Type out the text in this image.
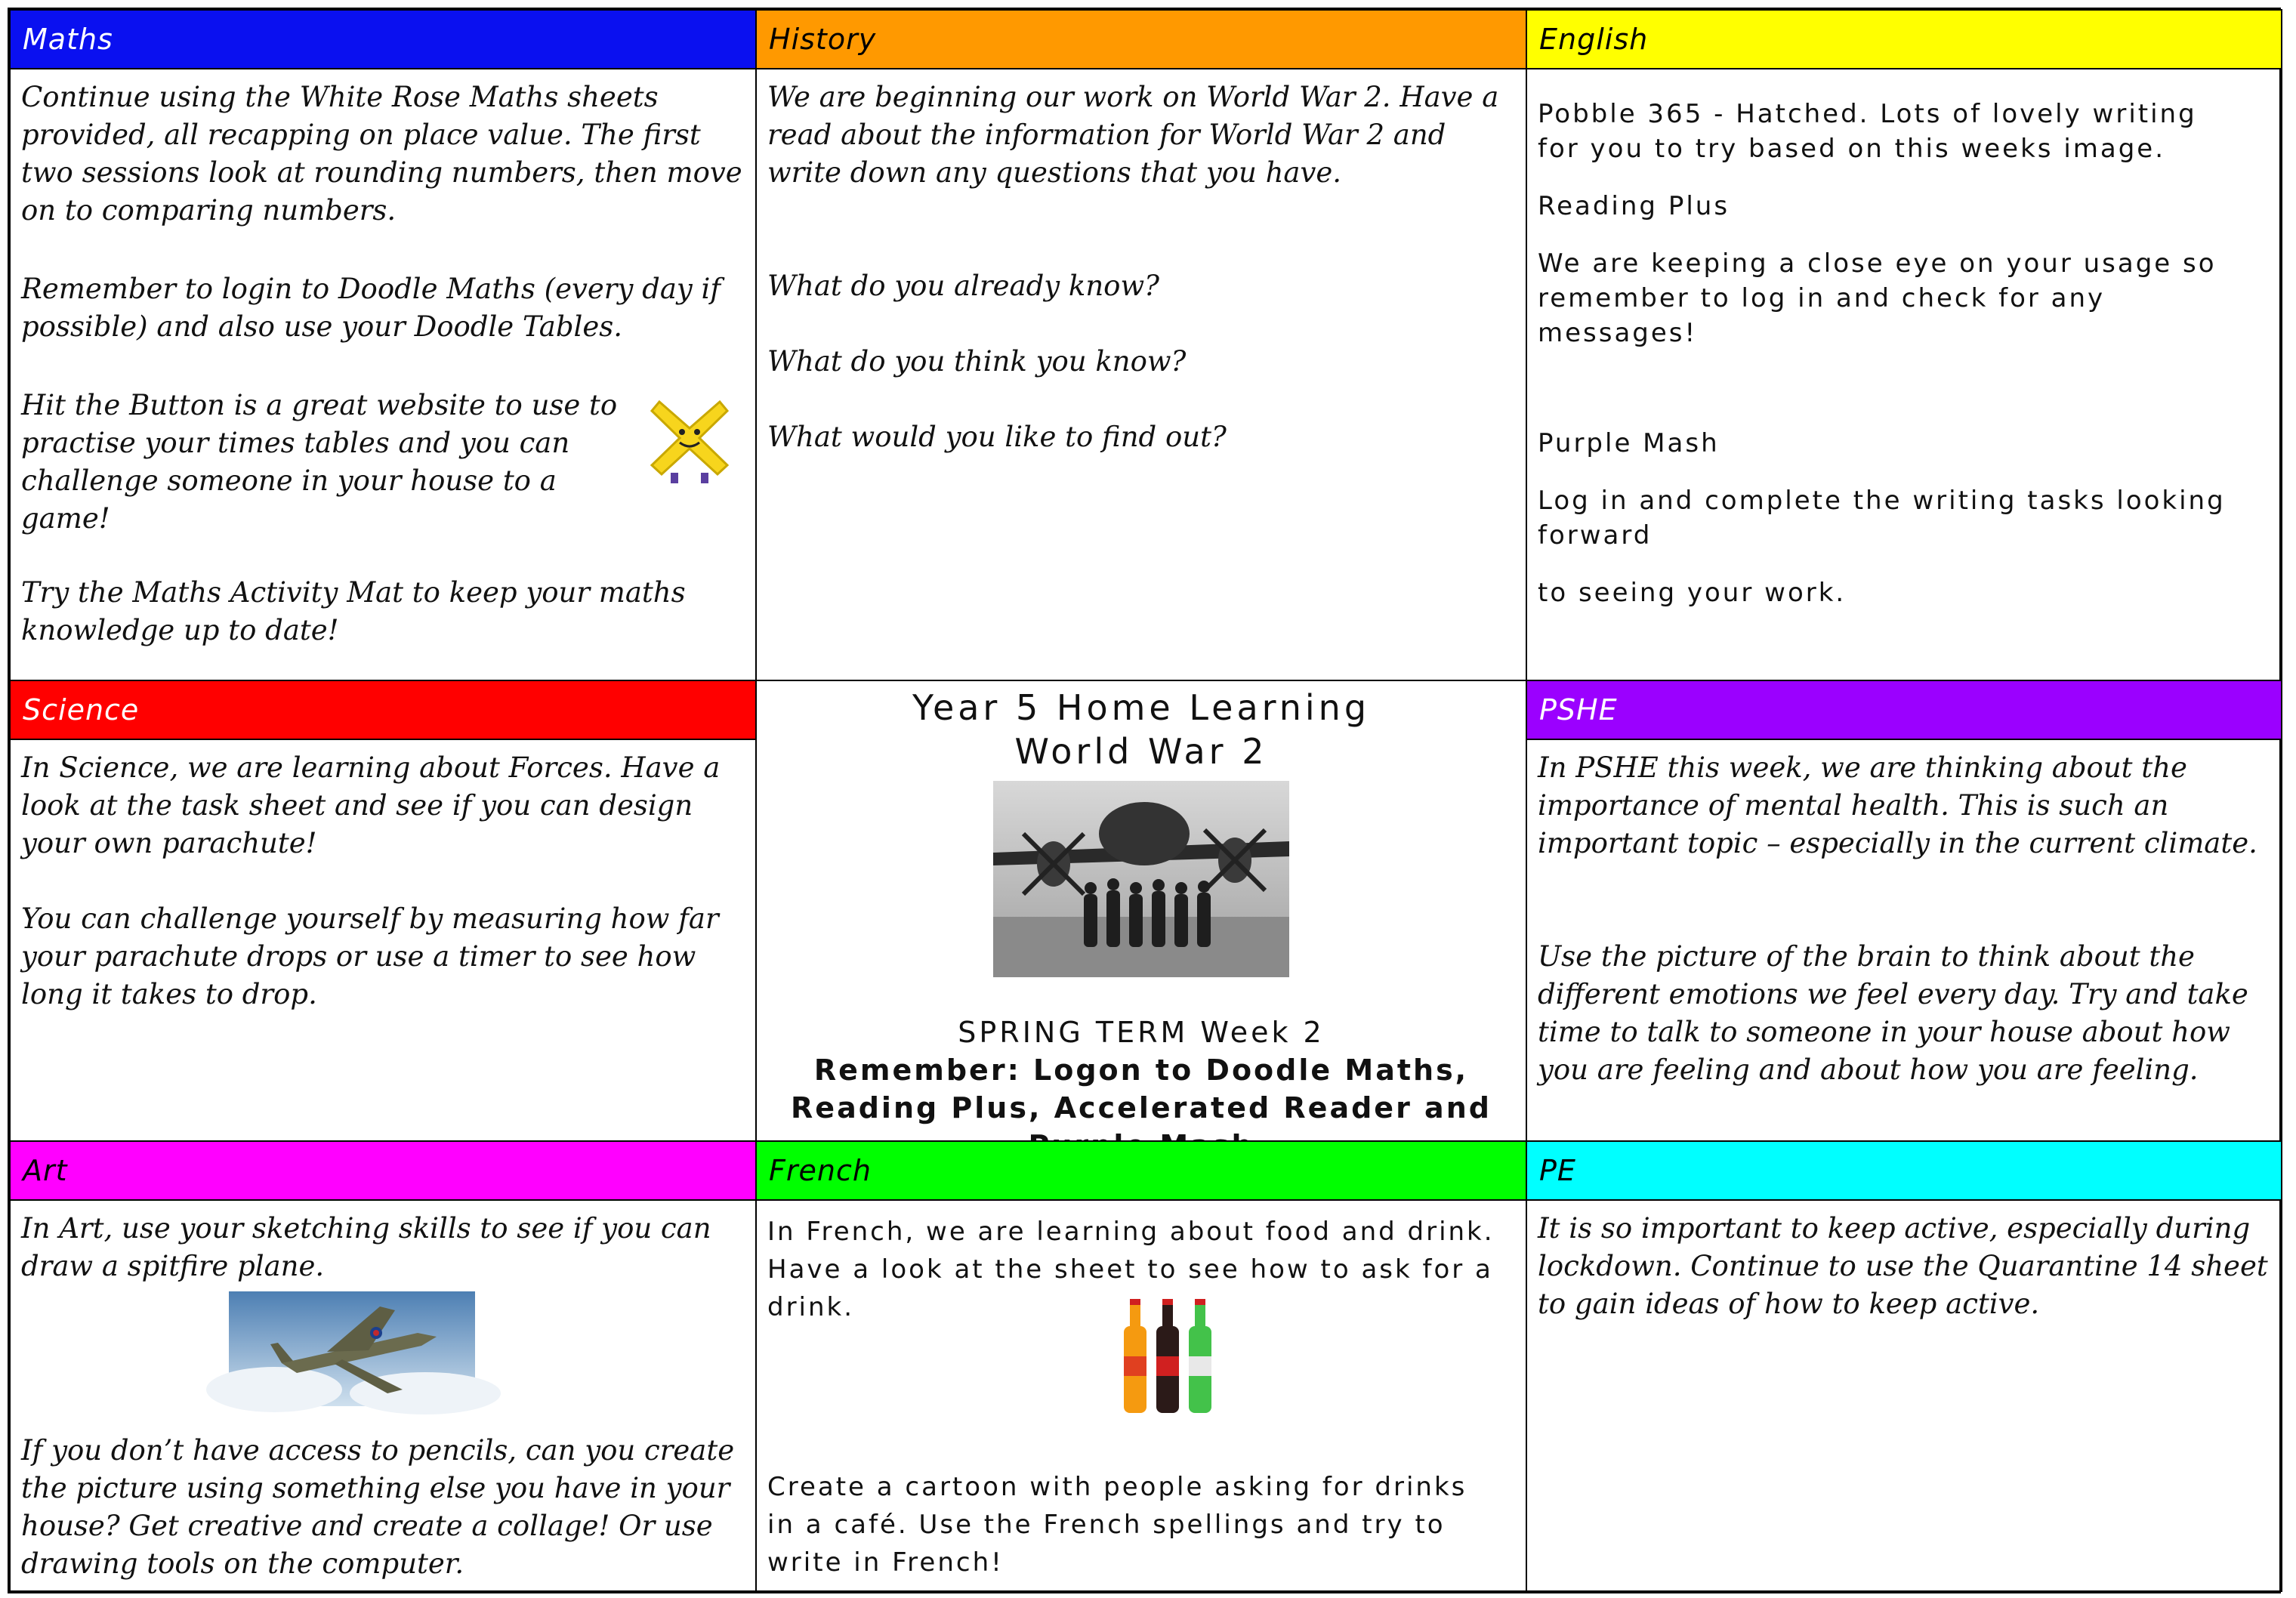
Maths

Continue using the White Rose Maths sheets provided, all recapping on place value. The first two sessions look at rounding numbers, then move on to comparing numbers.

Remember to login to Doodle Maths (every day if possible) and also use your Doodle Tables.

Hit the Button is a great website to use to practise your times tables and you can challenge someone in your house to a game!

Try the Maths Activity Mat to keep your maths knowledge up to date!

History

We are beginning our work on World War 2. Have a read about the information for World War 2 and write down any questions that you have.

What do you already know?

What do you think you know?

What would you like to find out?

English

Pobble 365 - Hatched. Lots of lovely writing for you to try based on this weeks image.

Reading Plus

We are keeping a close eye on your usage so remember to log in and check for any messages!

Purple Mash

Log in and complete the writing tasks looking forward

to seeing your work.

Science

In Science, we are learning about Forces. Have a look at the task sheet and see if you can design your own parachute!

You can challenge yourself by measuring how far your parachute drops or use a timer to see how long it takes to drop.

Year 5 Home Learning

World War 2

SPRING TERM Week 2

Remember: Logon to Doodle Maths, Reading Plus, Accelerated Reader and

PSHE

In PSHE this week, we are thinking about the importance of mental health. This is such an important topic – especially in the current climate.

Use the picture of the brain to think about the different emotions we feel every day. Try and take time to talk to someone in your house about how you are feeling and about how you are feeling.

Art

In Art, use your sketching skills to see if you can draw a spitfire plane.

If you don’t have access to pencils, can you create the picture using something else you have in your house? Get creative and create a collage! Or use drawing tools on the computer.

French

In French, we are learning about food and drink. Have a look at the sheet to see how to ask for a drink.

Create a cartoon with people asking for drinks in a café. Use the French spellings and try to write in French!

PE

It is so important to keep active, especially during lockdown. Continue to use the Quarantine 14 sheet to gain ideas of how to keep active.
